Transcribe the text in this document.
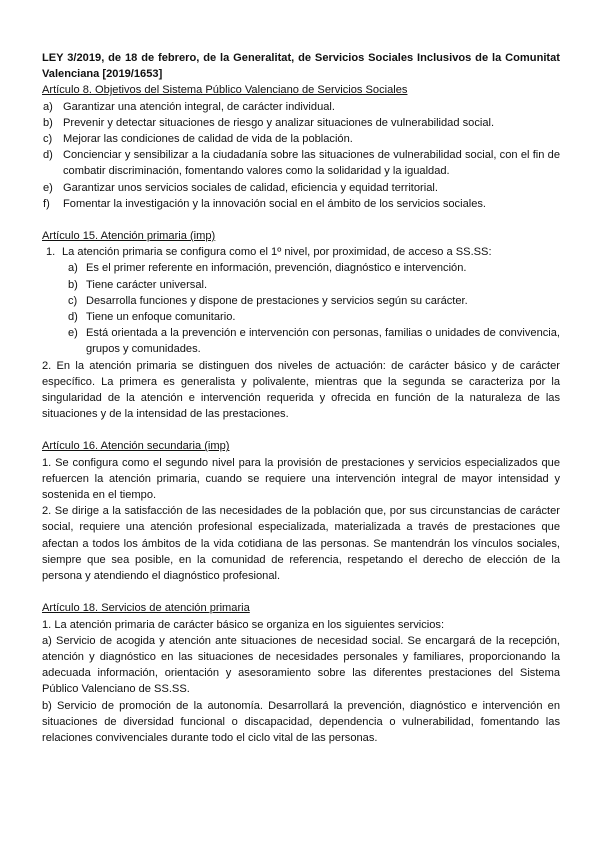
LEY 3/2019, de 18 de febrero, de la Generalitat, de Servicios Sociales Inclusivos de la Comunitat Valenciana [2019/1653]

Artículo 8. Objetivos del Sistema Público Valenciano de Servicios Sociales

a) Garantizar una atención integral, de carácter individual.
b) Prevenir y detectar situaciones de riesgo y analizar situaciones de vulnerabilidad social.
c) Mejorar las condiciones de calidad de vida de la población.
d) Concienciar y sensibilizar a la ciudadanía sobre las situaciones de vulnerabilidad social, con el fin de combatir discriminación, fomentando valores como la solidaridad y la igualdad.
e) Garantizar unos servicios sociales de calidad, eficiencia y equidad territorial.
f)	Fomentar la investigación y la innovación social en el ámbito de los servicios sociales.

Artículo 15. Atención primaria (imp)

1. La atención primaria se configura como el 1º nivel, por proximidad, de acceso a SS.SS:
a) Es el primer referente en información, prevención, diagnóstico e intervención.
b) Tiene carácter universal.
c) Desarrolla funciones y dispone de prestaciones y servicios según su carácter.
d) Tiene un enfoque comunitario.
e) Está orientada a la prevención e intervención con personas, familias o unidades de convivencia, grupos y comunidades.

2. En la atención primaria se distinguen dos niveles de actuación: de carácter básico y de carácter específico. La primera es generalista y polivalente, mientras que la segunda se caracteriza por la singularidad de la atención e intervención requerida y ofrecida en función de la naturaleza de las situaciones y de la intensidad de las prestaciones.

Artículo 16. Atención secundaria (imp)

1. Se configura como el segundo nivel para la provisión de prestaciones y servicios especializados que refuercen la atención primaria, cuando se requiere una intervención integral de mayor intensidad y sostenida en el tiempo.

2. Se dirige a la satisfacción de las necesidades de la población que, por sus circunstancias de carácter social, requiere una atención profesional especializada, materializada a través de prestaciones que afectan a todos los ámbitos de la vida cotidiana de las personas. Se mantendrán los vínculos sociales, siempre que sea posible, en la comunidad de referencia, respetando el derecho de elección de la persona y atendiendo el diagnóstico profesional.

Artículo 18. Servicios de atención primaria

1. La atención primaria de carácter básico se organiza en los siguientes servicios:

a) Servicio de acogida y atención ante situaciones de necesidad social. Se encargará de la recepción, atención y diagnóstico en las situaciones de necesidades personales y familiares, proporcionando la adecuada información, orientación y asesoramiento sobre las diferentes prestaciones del Sistema Público Valenciano de SS.SS.

b) Servicio de promoción de la autonomía. Desarrollará la prevención, diagnóstico e intervención en situaciones de diversidad funcional o discapacidad, dependencia o vulnerabilidad, fomentando las relaciones convivenciales durante todo el ciclo vital de las personas.
